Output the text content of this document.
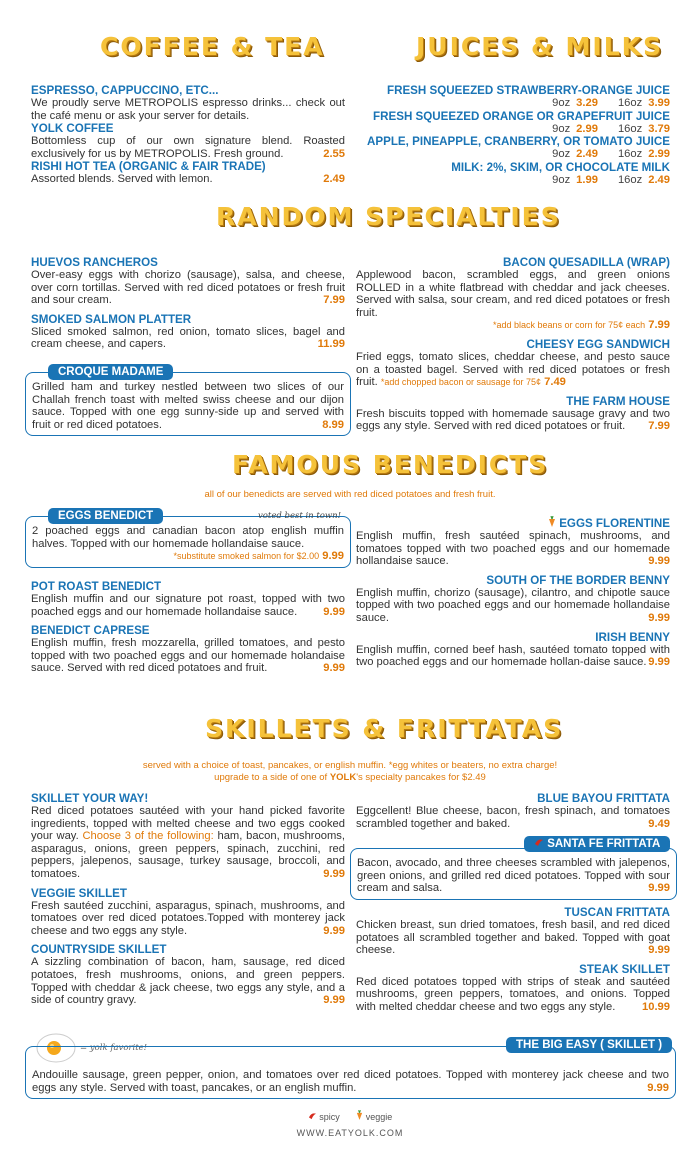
COFFEE & TEA	JUICES & MILKS
ESPRESSO, CAPPUCCINO, ETC...
We proudly serve METROPOLIS espresso drinks... check out the café menu or ask your server for details.
YOLK COFFEE
Bottomless cup of our own signature blend. Roasted exclusively for us by METROPOLIS. Fresh ground.	2.55
RISHI HOT TEA (ORGANIC & FAIR TRADE)
Assorted blends. Served with lemon.	2.49
FRESH SQUEEZED STRAWBERRY-ORANGE JUICE
9oz 3.29 16oz 3.99
FRESH SQUEEZED ORANGE OR GRAPEFRUIT JUICE
9oz 2.99 16oz 3.79
APPLE, PINEAPPLE, CRANBERRY, OR TOMATO JUICE
9oz 2.49 16oz 2.99
MILK: 2%, SKIM, OR CHOCOLATE MILK
9oz 1.99 16oz 2.49
RANDOM SPECIALTIES
HUEVOS RANCHEROS
Over-easy eggs with chorizo (sausage), salsa, and cheese, over corn tortillas. Served with red diced potatoes or fresh fruit and sour cream.	7.99
SMOKED SALMON PLATTER
Sliced smoked salmon, red onion, tomato slices, bagel and cream cheese, and capers.	11.99
Grilled ham and turkey nestled between two slices of our Challah french toast with melted swiss cheese and our dijon sauce. Topped with one egg sunny-side up and served with fruit or red diced potatoes.	8.99
CROQUE MADAME
BACON QUESADILLA (WRAP)
Applewood bacon, scrambled eggs, and green onions ROLLED in a white flatbread with cheddar and jack cheeses. Served with salsa, sour cream, and red diced potatoes or fresh fruit.
*add black beans or corn for 75¢ each 7.99
CHEESY EGG SANDWICH
Fried eggs, tomato slices, cheddar cheese, and pesto sauce on a toasted bagel. Served with red diced potatoes or fresh fruit. *add chopped bacon or sausage for 75¢ 7.49
THE FARM HOUSE
Fresh biscuits topped with homemade sausage gravy and two eggs any style. Served with red diced potatoes or fruit. 7.99
FAMOUS BENEDICTS
all of our benedicts are served with red diced potatoes and fresh fruit.
2 poached eggs and canadian bacon atop english muffin halves. Topped with our homemade hollandaise sauce.
*substitute smoked salmon for $2.00 9.99
EGGS BENEDICT	voted best in town!
POT ROAST BENEDICT
English muffin and our signature pot roast, topped with two poached eggs and our homemade hollandaise sauce. 9.99
BENEDICT CAPRESE
English muffin, fresh mozzarella, grilled tomatoes, and pesto topped with two poached eggs and our homemade holandaise sauce. Served with red diced potatoes and fruit.	9.99
EGGS FLORENTINE
English muffin, fresh sautéed spinach, mushrooms, and tomatoes topped with two poached eggs and our homemade hollandaise sauce.	9.99
SOUTH OF THE BORDER BENNY
English muffin, chorizo (sausage), cilantro, and chipotle sauce topped with two poached eggs and our homemade hollandaise sauce.	9.99
IRISH BENNY
English muffin, corned beef hash, sautéed tomato topped with two poached eggs and our homemade hollan-daise sauce. 9.99
SKILLETS & FRITTATAS
served with a choice of toast, pancakes, or english muffin. *egg whites or beaters, no extra charge!
upgrade to a side of one of YOLK's specialty pancakes for $2.49
SKILLET YOUR WAY!
Red diced potatoes sautéed with your hand picked favorite ingredients, topped with melted cheese and two eggs cooked your way. Choose 3 of the following: ham, bacon, mushrooms, asparagus, onions, green peppers, spinach, zucchini, red peppers, jalepenos, sausage, turkey sausage, broccoli, and tomatoes.	9.99
VEGGIE SKILLET
Fresh sautéed zucchini, asparagus, spinach, mushrooms, and tomatoes over red diced potatoes.Topped with monterey jack cheese and two eggs any style.	9.99
COUNTRYSIDE SKILLET
A sizzling combination of bacon, ham, sausage, red diced potatoes, fresh mushrooms, onions, and green peppers. Topped with cheddar & jack cheese, two eggs any style, and a side of country gravy.	9.99
BLUE BAYOU FRITTATA
Eggcellent! Blue cheese, bacon, fresh spinach, and tomatoes scrambled together and baked.	9.49
Bacon, avocado, and three cheeses scrambled with jalepenos, green onions, and grilled red diced potatoes. Topped with sour cream and salsa.	9.99
SANTA FE FRITTATA
TUSCAN FRITTATA
Chicken breast, sun dried tomatoes, fresh basil, and red diced potatoes all scrambled together and baked. Topped with goat cheese.	9.99
STEAK SKILLET
Red diced potatoes topped with strips of steak and sautéed mushrooms, green peppers, tomatoes, and onions. Topped with melted cheddar cheese and two eggs any style. 10.99
= yolk favorite!
Andouille sausage, green pepper, onion, and tomatoes over red diced potatoes. Topped with monterey jack cheese and two eggs any style. Served with toast, pancakes, or an english muffin.	9.99
THE BIG EASY ( SKILLET )
spicy	veggie
WWW.EATYOLK.COM
